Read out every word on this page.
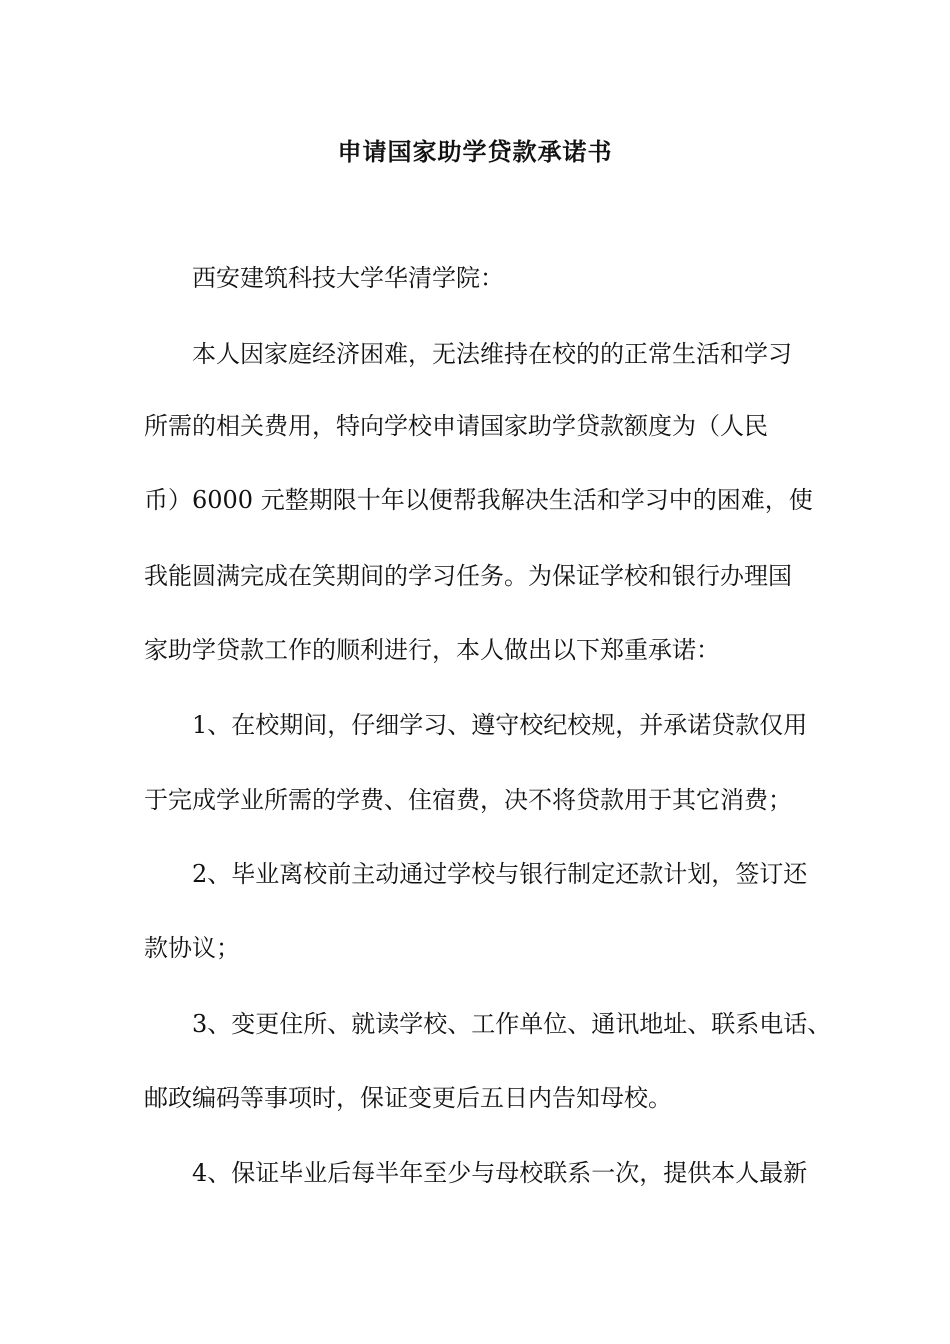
申请国家助学贷款承诺书
西安建筑科技大学华清学院：
本人因家庭经济困难，无法维持在校的的正常生活和学习
所需的相关费用，特向学校申请国家助学贷款额度为（人民
币）6000 元整期限十年以便帮我解决生活和学习中的困难，使
我能圆满完成在笑期间的学习任务。为保证学校和银行办理国
家助学贷款工作的顺利进行，本人做出以下郑重承诺：
1、在校期间，仔细学习、遵守校纪校规，并承诺贷款仅用
于完成学业所需的学费、住宿费，决不将贷款用于其它消费；
2、毕业离校前主动通过学校与银行制定还款计划，签订还
款协议；
3、变更住所、就读学校、工作单位、通讯地址、联系电话、
邮政编码等事项时，保证变更后五日内告知母校。
4、保证毕业后每半年至少与母校联系一次，提供本人最新
